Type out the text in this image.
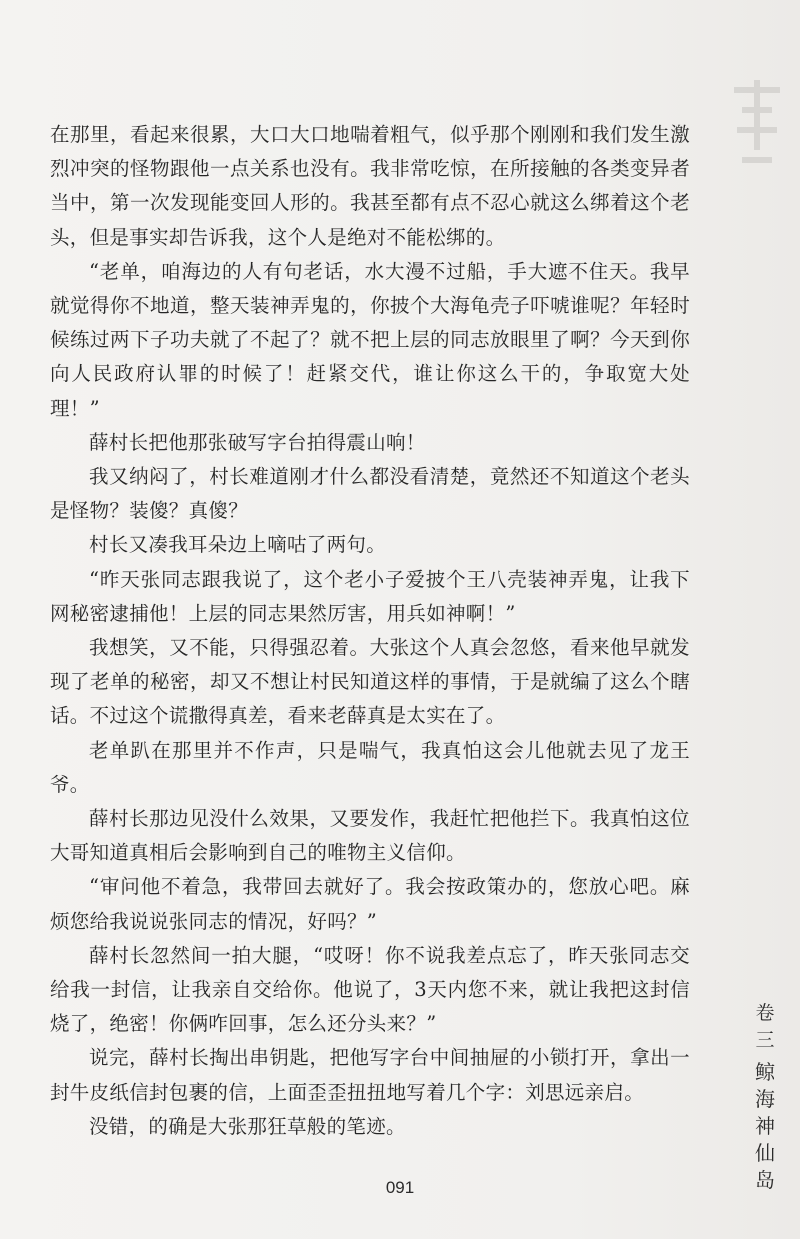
在那里，看起来很累，大口大口地喘着粗气，似乎那个刚刚和我们发生激烈冲突的怪物跟他一点关系也没有。我非常吃惊，在所接触的各类变异者当中，第一次发现能变回人形的。我甚至都有点不忍心就这么绑着这个老头，但是事实却告诉我，这个人是绝对不能松绑的。

“老单，咱海边的人有句老话，水大漫不过船，手大遮不住天。我早就觉得你不地道，整天装神弄鬼的，你披个大海龟壳子吓唬谁呢？年轻时候练过两下子功夫就了不起了？就不把上层的同志放眼里了啊？今天到你向人民政府认罪的时候了！赶紧交代，谁让你这么干的，争取宽大处理！”

薛村长把他那张破写字台拍得震山响！

我又纳闷了，村长难道刚才什么都没看清楚，竟然还不知道这个老头是怪物？装傻？真傻？

村长又凑我耳朵边上嘀咕了两句。

“昨天张同志跟我说了，这个老小子爱披个王八壳装神弄鬼，让我下网秘密逮捕他！上层的同志果然厉害，用兵如神啊！”

我想笑，又不能，只得强忍着。大张这个人真会忽悠，看来他早就发现了老单的秘密，却又不想让村民知道这样的事情，于是就编了这么个瞎话。不过这个谎撒得真差，看来老薛真是太实在了。

老单趴在那里并不作声，只是喘气，我真怕这会儿他就去见了龙王爷。

薛村长那边见没什么效果，又要发作，我赶忙把他拦下。我真怕这位大哥知道真相后会影响到自己的唯物主义信仰。

“审问他不着急，我带回去就好了。我会按政策办的，您放心吧。麻烦您给我说说张同志的情况，好吗？”

薛村长忽然间一拍大腿，“哎呀！你不说我差点忘了，昨天张同志交给我一封信，让我亲自交给你。他说了，3天内您不来，就让我把这封信烧了，绝密！你俩咋回事，怎么还分头来？”

说完，薛村长掏出串钥匙，把他写字台中间抽屉的小锁打开，拿出一封牛皮纸信封包裹的信，上面歪歪扭扭地写着几个字：刘思远亲启。

没错，的确是大张那狂草般的笔迹。

卷
三
鲸
海
神
仙
岛
091
